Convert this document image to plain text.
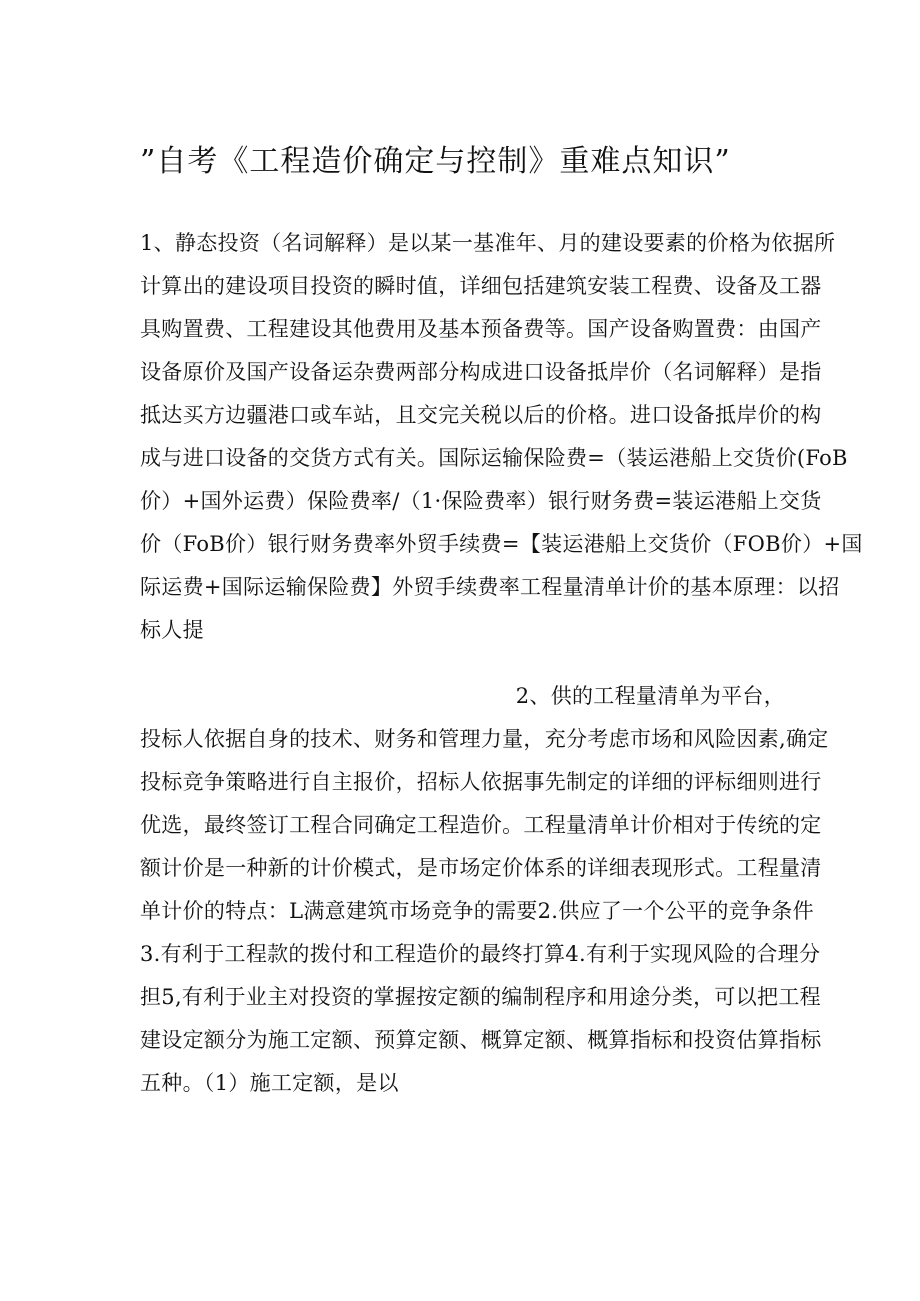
”自考《工程造价确定与控制》重难点知识”
1、静态投资（名词解释）是以某一基准年、月的建设要素的价格为依据所
计算出的建设项目投资的瞬时值，详细包括建筑安装工程费、设备及工器
具购置费、工程建设其他费用及基本预备费等。国产设备购置费：由国产
设备原价及国产设备运杂费两部分构成进口设备抵岸价（名词解释）是指
抵达买方边疆港口或车站，且交完关税以后的价格。进口设备抵岸价的构
成与进口设备的交货方式有关。国际运输保险费=（装运港船上交货价(FoB
价）+国外运费）保险费率/（1·保险费率）银行财务费=装运港船上交货
价（FoB价）银行财务费率外贸手续费=【装运港船上交货价（FOB价）+国
际运费+国际运输保险费】外贸手续费率工程量清单计价的基本原理：以招
标人提
2、供的工程量清单为平台，
投标人依据自身的技术、财务和管理力量，充分考虑市场和风险因素,确定
投标竞争策略进行自主报价，招标人依据事先制定的详细的评标细则进行
优选，最终签订工程合同确定工程造价。工程量清单计价相对于传统的定
额计价是一种新的计价模式，是市场定价体系的详细表现形式。工程量清
单计价的特点：L满意建筑市场竞争的需要2.供应了一个公平的竞争条件
3.有利于工程款的拨付和工程造价的最终打算4.有利于实现风险的合理分
担5,有利于业主对投资的掌握按定额的编制程序和用途分类，可以把工程
建设定额分为施工定额、预算定额、概算定额、概算指标和投资估算指标
五种。（1）施工定额，是以
